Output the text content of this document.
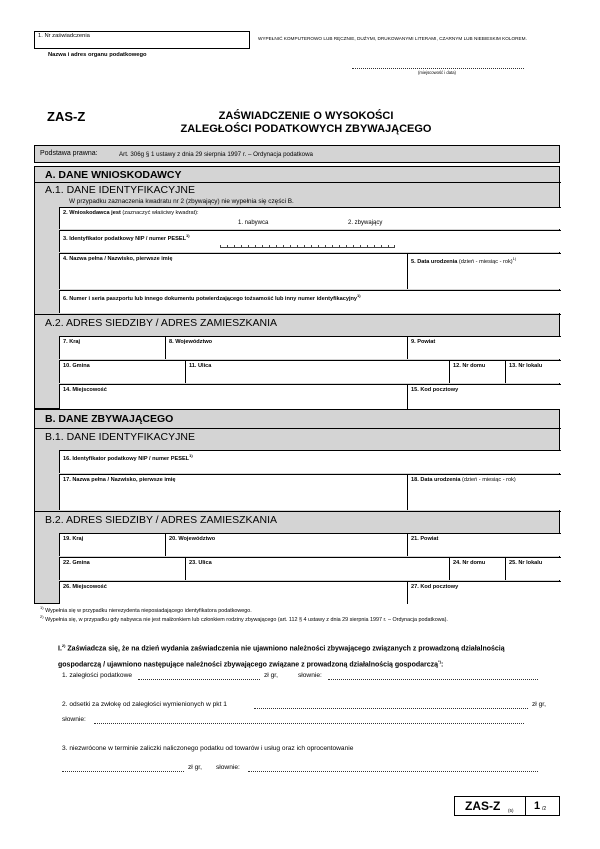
1. Nr zaświadczenia	WYPEŁNIĆ KOMPUTEROWO LUB RĘCZNIE, DUŻYMI, DRUKOWANYMI LITERAMI, CZARNYM LUB NIEBIESKIM KOLOREM.
Nazwa i adres organu podatkowego
(miejscowość i data)
ZAS-Z	ZAŚWIADCZENIE O WYSOKOŚCI
ZALEGŁOŚCI PODATKOWYCH ZBYWAJĄCEGO
Podstawa prawna:	Art. 306g § 1 ustawy z dnia 29 sierpnia 1997 r. – Ordynacja podatkowa
A. DANE WNIOSKODAWCY
A.1. DANE IDENTYFIKACYJNE
W przypadku zaznaczenia kwadratu nr 2 (zbywający) nie wypełnia się części B.
2. Wnioskodawca jest (zaznaczyć właściwy kwadrat):
1. nabywca	2. zbywający
3. Identyfikator podatkowy NIP / numer PESEL$^{1)}$
4. Nazwa pełna / Nazwisko, pierwsze imię	5. Data urodzenia (dzień - miesiąc - rok)$^{1)}$
6. Numer i seria paszportu lub innego dokumentu potwierdzającego tożsamość lub inny numer identyfikacyjny$^{1)}$
A.2. ADRES SIEDZIBY / ADRES ZAMIESZKANIA
7. Kraj	8. Województwo	9. Powiat
10. Gmina	11. Ulica	12. Nr domu	13. Nr lokalu
14. Miejscowość	15. Kod pocztowy
B. DANE ZBYWAJĄCEGO
B.1. DANE IDENTYFIKACYJNE
16. Identyfikator podatkowy NIP / numer PESEL$^{1)}$
17. Nazwa pełna / Nazwisko, pierwsze imię	18. Data urodzenia (dzień - miesiąc - rok)
B.2. ADRES SIEDZIBY / ADRES ZAMIESZKANIA
19. Kraj	20. Województwo	21. Powiat
22. Gmina	23. Ulica	24. Nr domu	25. Nr lokalu
26. Miejscowość	27. Kod pocztowy
$^{1)}$ Wypełnia się w przypadku nierezydenta nieposiadającego identyfikatora podatkowego.
$^{2)}$ Wypełnia się, w przypadku gdy nabywca nie jest małżonkiem lub członkiem rodziny zbywającego (art. 112 § 4 ustawy z dnia 29 sierpnia 1997 r. – Ordynacja podatkowa).
I.$^{2)}$ Zaświadcza się, że na dzień wydania zaświadczenia nie ujawniono należności zbywającego związanych z prowadzoną działalnością
gospodarczą / ujawniono następujące należności zbywającego związane z prowadzoną działalnością gospodarczą*):
1. zaległości podatkowe	zł gr,	słownie:
2. odsetki za zwłokę od zaległości wymienionych w pkt 1	zł gr,
słownie:
3. niezwrócone w terminie zaliczki naliczonego podatku od towarów i usług oraz ich oprocentowanie
zł gr, słownie:
ZAS-Z (5) 1 /2
